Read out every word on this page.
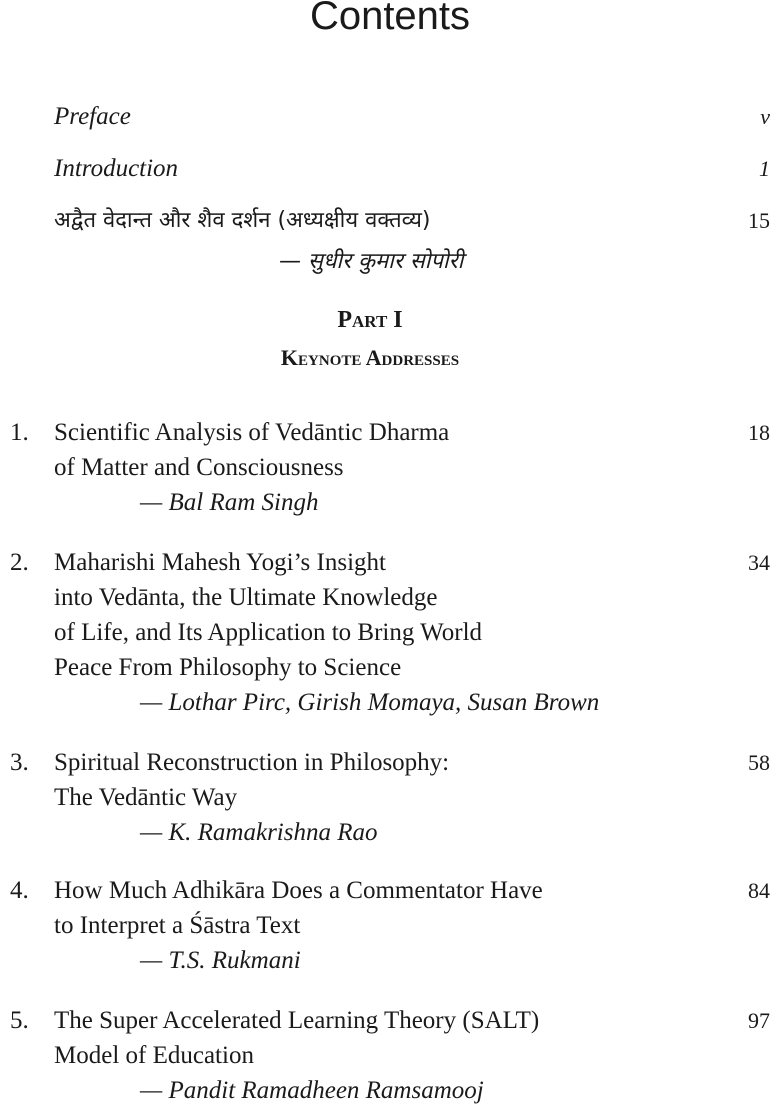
Contents
Preface	v
Introduction	1
अद्वैत वेदान्त और शैव दर्शन (अध्यक्षीय वक्तव्य)
— सुधीर कुमार सोपोरी
15
Part I
Keynote Addresses
1. Scientific Analysis of Vedāntic Dharma
of Matter and Consciousness
— Bal Ram Singh
18
2. Maharishi Mahesh Yogi’s Insight
into Vedānta, the Ultimate Knowledge
of Life, and Its Application to Bring World
Peace From Philosophy to Science
— Lothar Pirc, Girish Momaya, Susan Brown
34
3. Spiritual Reconstruction in Philosophy:
The Vedāntic Way
— K. Ramakrishna Rao
58
4. How Much Adhikāra Does a Commentator Have
to Interpret a Śāstra Text
— T.S. Rukmani
84
5. The Super Accelerated Learning Theory (SALT)
Model of Education
— Pandit Ramadheen Ramsamooj
97
